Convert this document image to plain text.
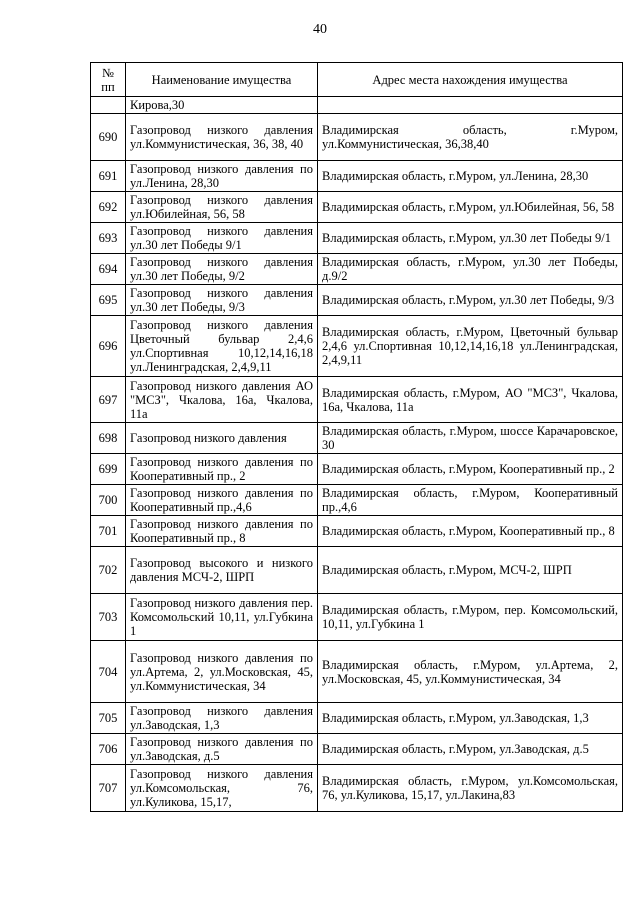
40
№ пп	Наименование имущества	Адрес места нахождения имущества
	Кирова,30	
690	Газопровод низкого давления ул.Коммунистическая, 36, 38, 40	Владимирская область, г.Муром, ул.Коммунистическая, 36,38,40
691	Газопровод низкого давления по ул.Ленина, 28,30	Владимирская область, г.Муром, ул.Ленина, 28,30
692	Газопровод низкого давления ул.Юбилейная, 56, 58	Владимирская область, г.Муром, ул.Юбилейная, 56, 58
693	Газопровод низкого давления ул.30 лет Победы 9/1	Владимирская область, г.Муром, ул.30 лет Победы 9/1
694	Газопровод низкого давления ул.30 лет Победы, 9/2	Владимирская область, г.Муром, ул.30 лет Победы, д.9/2
695	Газопровод низкого давления ул.30 лет Победы, 9/3	Владимирская область, г.Муром, ул.30 лет Победы, 9/3
696	Газопровод низкого давления Цветочный бульвар 2,4,6 ул.Спортивная 10,12,14,16,18 ул.Ленинградская, 2,4,9,11	Владимирская область, г.Муром, Цветочный бульвар 2,4,6 ул.Спортивная 10,12,14,16,18 ул.Ленинградская, 2,4,9,11
697	Газопровод низкого давления АО "МСЗ", Чкалова, 16а, Чкалова, 11а	Владимирская область, г.Муром, АО "МСЗ", Чкалова, 16а, Чкалова, 11а
698	Газопровод низкого давления	Владимирская область, г.Муром, шоссе Карачаровское, 30
699	Газопровод низкого давления по Кооперативный пр., 2	Владимирская область, г.Муром, Кооперативный пр., 2
700	Газопровод низкого давления по Кооперативный пр.,4,6	Владимирская область, г.Муром, Кооперативный пр.,4,6
701	Газопровод низкого давления по Кооперативный пр., 8	Владимирская область, г.Муром, Кооперативный пр., 8
702	Газопровод высокого и низкого давления МСЧ-2, ШРП	Владимирская область, г.Муром, МСЧ-2, ШРП
703	Газопровод низкого давления пер. Комсомольский 10,11, ул.Губкина 1	Владимирская область, г.Муром, пер. Комсомольский, 10,11, ул.Губкина 1
704	Газопровод низкого давления по ул.Артема, 2, ул.Московская, 45, ул.Коммунистическая, 34	Владимирская область, г.Муром, ул.Артема, 2, ул.Московская, 45, ул.Коммунистическая, 34
705	Газопровод низкого давления ул.Заводская, 1,3	Владимирская область, г.Муром, ул.Заводская, 1,3
706	Газопровод низкого давления по ул.Заводская, д.5	Владимирская область, г.Муром, ул.Заводская, д.5
707	Газопровод низкого давления ул.Комсомольская, 76, ул.Куликова, 15,17,	Владимирская область, г.Муром, ул.Комсомольская, 76, ул.Куликова, 15,17, ул.Лакина,83
